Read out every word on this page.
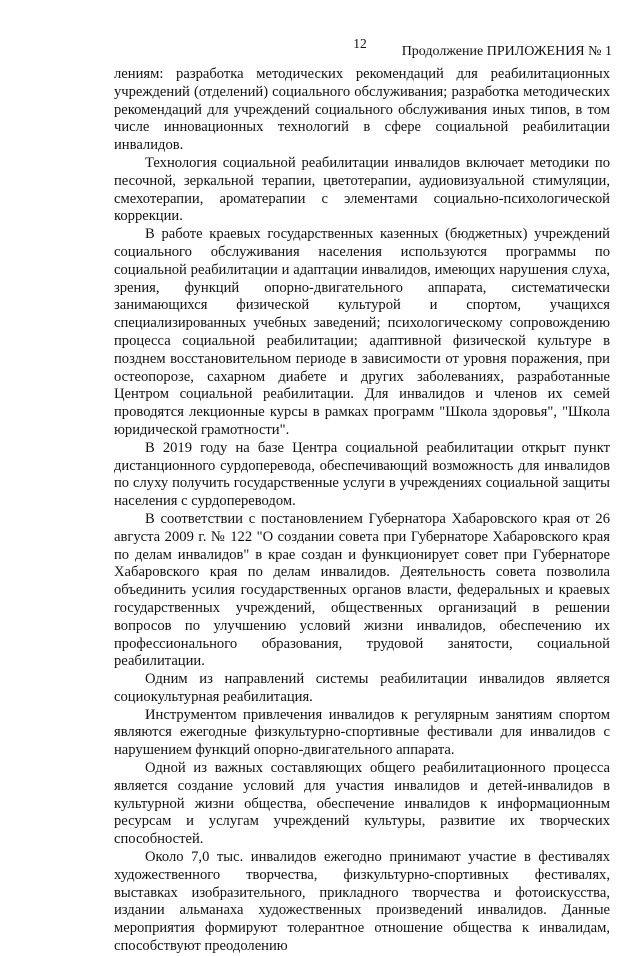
12
Продолжение ПРИЛОЖЕНИЯ № 1

лениям: разработка методических рекомендаций для реабилитационных учреждений (отделений) социального обслуживания; разработка методических рекомендаций для учреждений социального обслуживания иных типов, в том числе инновационных технологий в сфере социальной реабилитации инвалидов.

Технология социальной реабилитации инвалидов включает методики по песочной, зеркальной терапии, цветотерапии, аудиовизуальной стимуляции, смехотерапии, ароматерапии с элементами социально-психологической коррекции.

В работе краевых государственных казенных (бюджетных) учреждений социального обслуживания населения используются программы по социальной реабилитации и адаптации инвалидов, имеющих нарушения слуха, зрения, функций опорно-двигательного аппарата, систематически занимающихся физической культурой и спортом, учащихся специализированных учебных заведений; психологическому сопровождению процесса социальной реабилитации; адаптивной физической культуре в позднем восстановительном периоде в зависимости от уровня поражения, при остеопорозе, сахарном диабете и других заболеваниях, разработанные Центром социальной реабилитации. Для инвалидов и членов их семей проводятся лекционные курсы в рамках программ "Школа здоровья", "Школа юридической грамотности".

В 2019 году на базе Центра социальной реабилитации открыт пункт дистанционного сурдоперевода, обеспечивающий возможность для инвалидов по слуху получить государственные услуги в учреждениях социальной защиты населения с сурдопереводом.

В соответствии с постановлением Губернатора Хабаровского края от 26 августа 2009 г. № 122 "О создании совета при Губернаторе Хабаровского края по делам инвалидов" в крае создан и функционирует совет при Губернаторе Хабаровского края по делам инвалидов. Деятельность совета позволила объединить усилия государственных органов власти, федеральных и краевых государственных учреждений, общественных организаций в решении вопросов по улучшению условий жизни инвалидов, обеспечению их профессионального образования, трудовой занятости, социальной реабилитации.

Одним из направлений системы реабилитации инвалидов является социокультурная реабилитация.

Инструментом привлечения инвалидов к регулярным занятиям спортом являются ежегодные физкультурно-спортивные фестивали для инвалидов с нарушением функций опорно-двигательного аппарата.

Одной из важных составляющих общего реабилитационного процесса является создание условий для участия инвалидов и детей-инвалидов в культурной жизни общества, обеспечение инвалидов к информационным ресурсам и услугам учреждений культуры, развитие их творческих способностей.

Около 7,0 тыс. инвалидов ежегодно принимают участие в фестивалях художественного творчества, физкультурно-спортивных фестивалях, выставках изобразительного, прикладного творчества и фотоискусства, издании альманаха художественных произведений инвалидов. Данные мероприятия формируют толерантное отношение общества к инвалидам, способствуют преодолению
